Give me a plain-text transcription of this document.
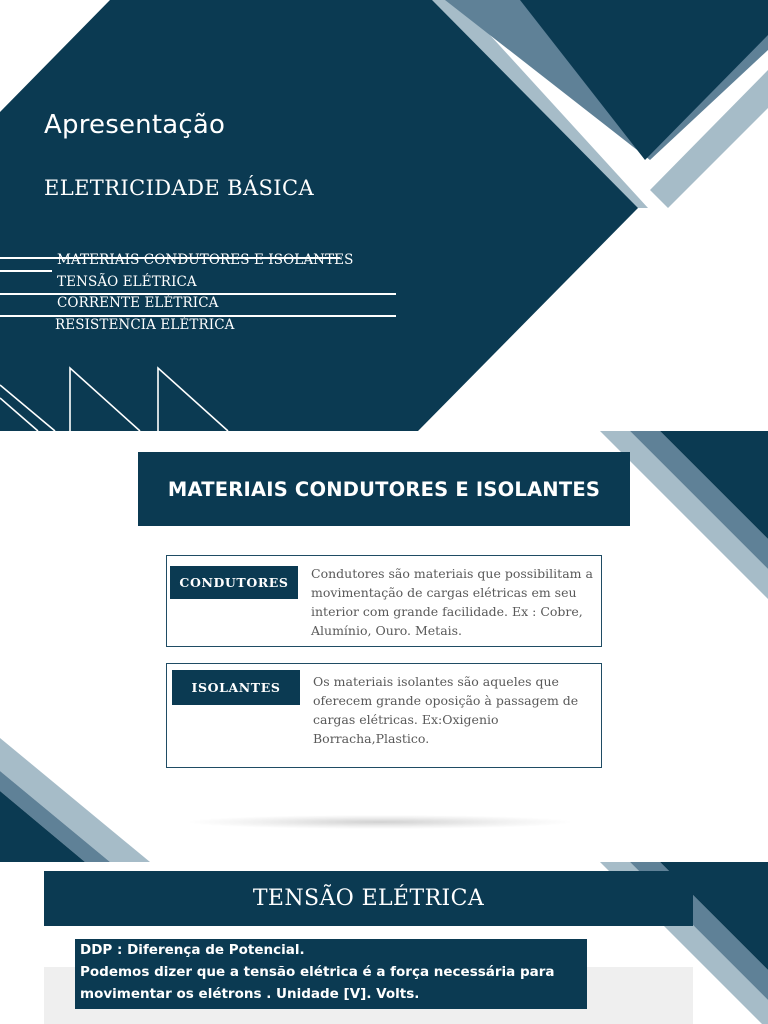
Apresentação
ELETRICIDADE BÁSICA
MATERIAIS CONDUTORES E ISOLANTES
TENSÃO ELÉTRICA
CORRENTE ELÉTRICA
RESISTENCIA ELÉTRICA
MATERIAIS CONDUTORES E ISOLANTES
CONDUTORES
Condutores são materiais que possibilitam a movimentação de cargas elétricas em seu interior com grande facilidade. Ex : Cobre, Alumínio, Ouro. Metais.
ISOLANTES	Os materiais isolantes são aqueles que oferecem grande oposição à passagem de cargas elétricas. Ex:Oxigenio Borracha,Plastico.
TENSÃO ELÉTRICA
DDP : Diferença de Potencial.
Podemos dizer que a tensão elétrica é a força necessária para
movimentar os elétrons . Unidade [V]. Volts.
